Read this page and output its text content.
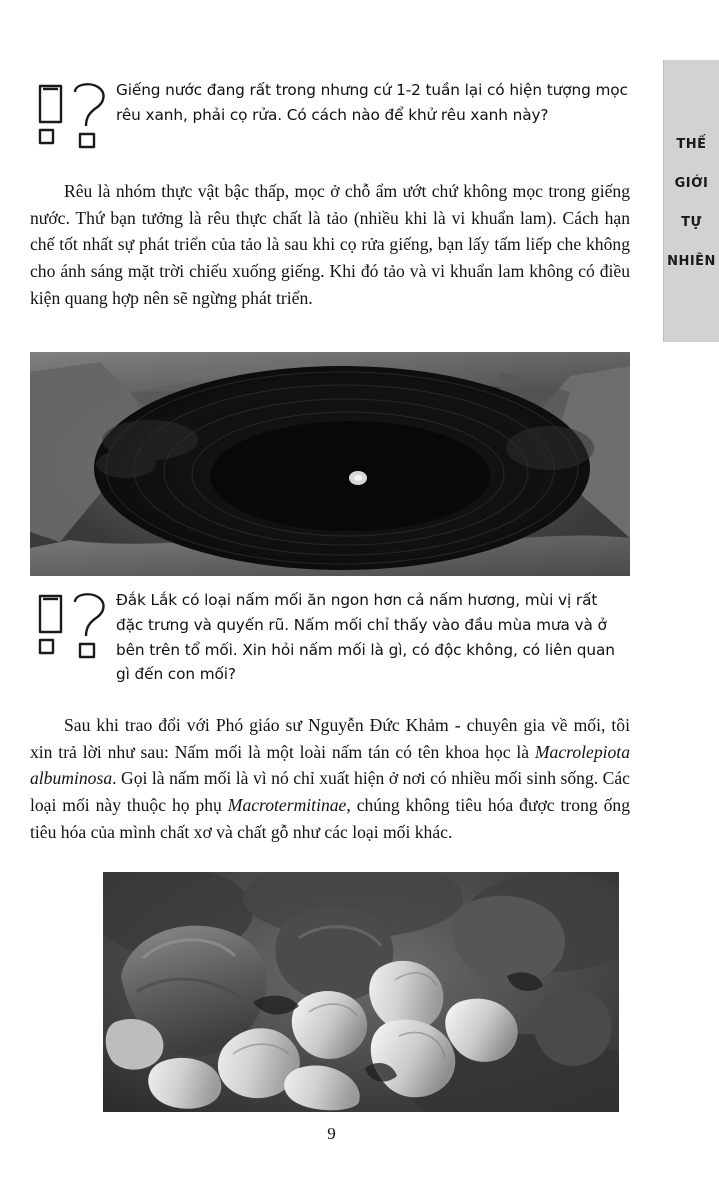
Giếng nước đang rất trong nhưng cứ 1-2 tuần lại có hiện tượng mọc rêu xanh, phải cọ rửa. Có cách nào để khử rêu xanh này?
Rêu là nhóm thực vật bậc thấp, mọc ở chỗ ẩm ướt chứ không mọc trong giếng nước. Thứ bạn tưởng là rêu thực chất là tảo (nhiều khi là vi khuẩn lam). Cách hạn chế tốt nhất sự phát triển của tảo là sau khi cọ rửa giếng, bạn lấy tấm liếp che không cho ánh sáng mặt trời chiếu xuống giếng. Khi đó tảo và vi khuẩn lam không có điều kiện quang hợp nên sẽ ngừng phát triển.
Đắk Lắk có loại nấm mối ăn ngon hơn cả nấm hương, mùi vị rất đặc trưng và quyến rũ. Nấm mối chỉ thấy vào đầu mùa mưa và ở bên trên tổ mối. Xin hỏi nấm mối là gì, có độc không, có liên quan gì đến con mối?
Sau khi trao đổi với Phó giáo sư Nguyễn Đức Khảm - chuyên gia về mối, tôi xin trả lời như sau: Nấm mối là một loài nấm tán có tên khoa học là Macrolepiota albuminosa. Gọi là nấm mối là vì nó chỉ xuất hiện ở nơi có nhiều mối sinh sống. Các loại mối này thuộc họ phụ Macrotermitinae, chúng không tiêu hóa được trong ống tiêu hóa của mình chất xơ và chất gỗ như các loại mối khác.
9
THẾ
GIỚI
TỰ
NHIÊN
